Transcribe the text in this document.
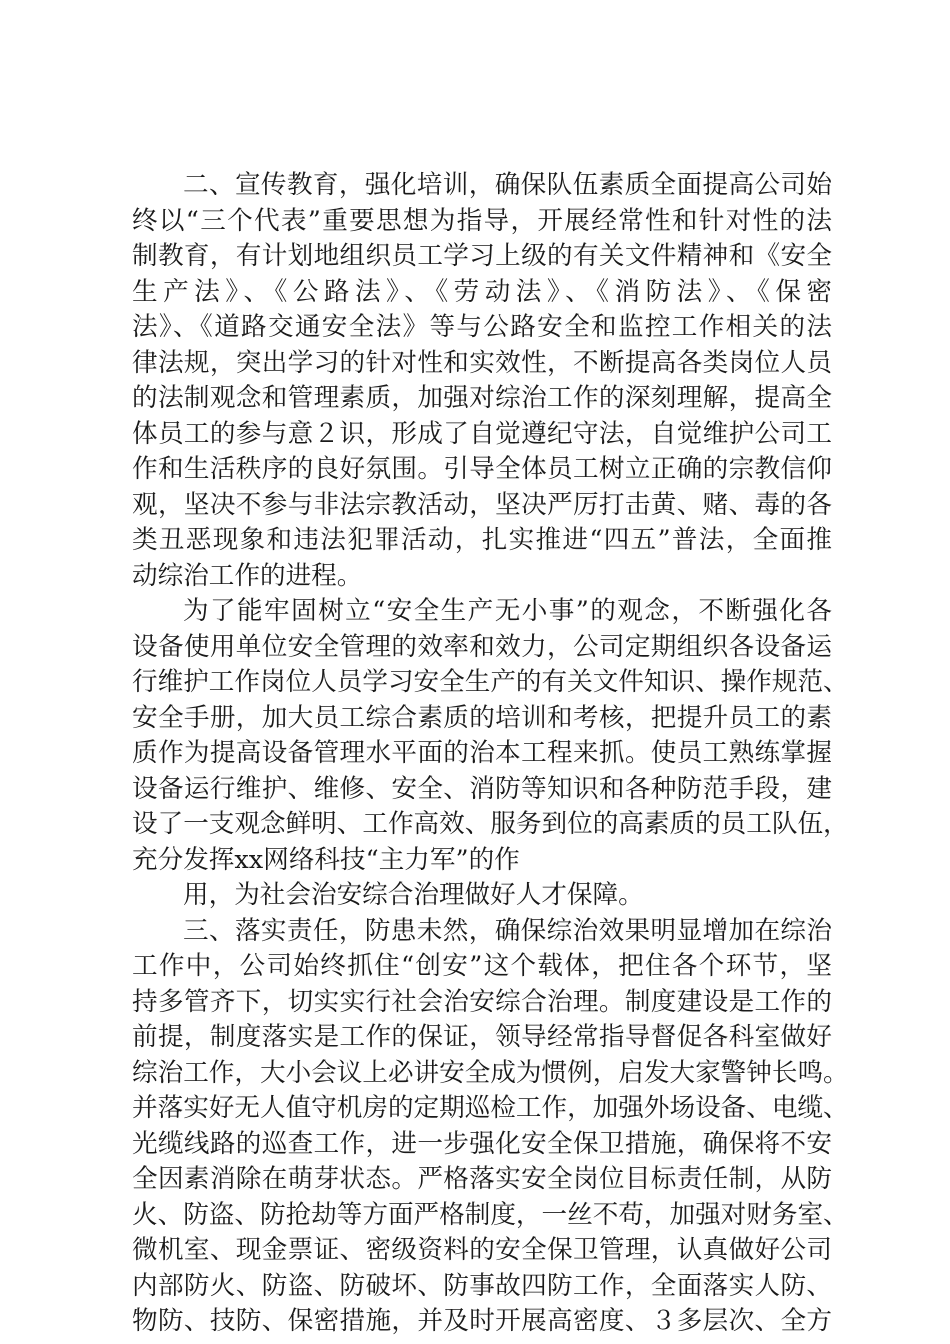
二、宣传教育，强化培训，确保队伍素质全面提高公司始
终以“三个代表”重要思想为指导，开展经常性和针对性的法
制教育，有计划地组织员工学习上级的有关文件精神和《安全
生产法》、《公路法》、《劳动法》、《消防法》、《保密
法》、《道路交通安全法》等与公路安全和监控工作相关的法
律法规，突出学习的针对性和实效性，不断提高各类岗位人员
的法制观念和管理素质，加强对综治工作的深刻理解，提高全
体员工的参与意２识，形成了自觉遵纪守法，自觉维护公司工
作和生活秩序的良好氛围。引导全体员工树立正确的宗教信仰
观，坚决不参与非法宗教活动，坚决严厉打击黄、赌、毒的各
类丑恶现象和违法犯罪活动，扎实推进“四五”普法，全面推
动综治工作的进程。
为了能牢固树立“安全生产无小事”的观念，不断强化各
设备使用单位安全管理的效率和效力，公司定期组织各设备运
行维护工作岗位人员学习安全生产的有关文件知识、操作规范、
安全手册，加大员工综合素质的培训和考核，把提升员工的素
质作为提高设备管理水平面的治本工程来抓。使员工熟练掌握
设备运行维护、维修、安全、消防等知识和各种防范手段，建
设了一支观念鲜明、工作高效、服务到位的高素质的员工队伍，
充分发挥xx网络科技“主力军”的作
用，为社会治安综合治理做好人才保障。
三、落实责任，防患未然，确保综治效果明显增加在综治
工作中，公司始终抓住“创安”这个载体，把住各个环节，坚
持多管齐下，切实实行社会治安综合治理。制度建设是工作的
前提，制度落实是工作的保证，领导经常指导督促各科室做好
综治工作，大小会议上必讲安全成为惯例，启发大家警钟长鸣。
并落实好无人值守机房的定期巡检工作，加强外场设备、电缆、
光缆线路的巡查工作，进一步强化安全保卫措施，确保将不安
全因素消除在萌芽状态。严格落实安全岗位目标责任制，从防
火、防盗、防抢劫等方面严格制度，一丝不苟，加强对财务室、
微机室、现金票证、密级资料的安全保卫管理，认真做好公司
内部防火、防盗、防破坏、防事故四防工作，全面落实人防、
物防、技防、保密措施，并及时开展高密度、３多层次、全方
